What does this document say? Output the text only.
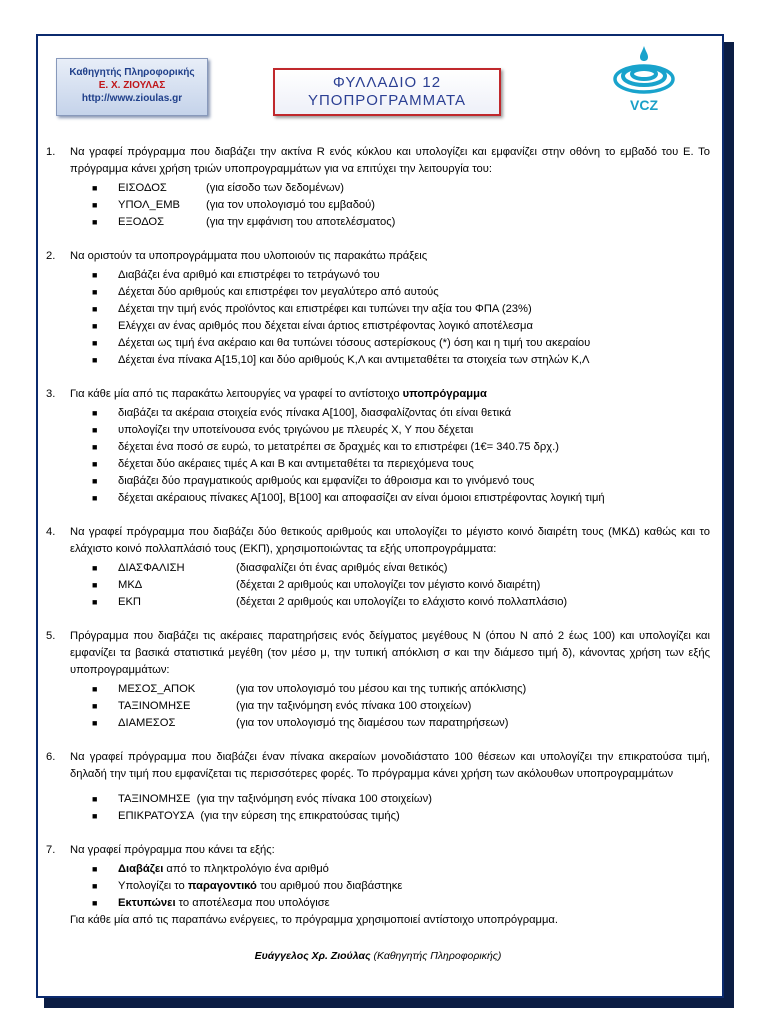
Καθηγητής Πληροφορικής
Ε. Χ. ΖΙΟΥΛΑΣ
http://www.zioulas.gr
ΦΥΛΛΑΔΙΟ 12
ΥΠΟΠΡΟΓΡΑΜΜΑΤΑ	VCZ
1. Να γραφεί πρόγραμμα που διαβάζει την ακτίνα R ενός κύκλου και υπολογίζει και εμφανίζει στην οθόνη το εμβαδό του Ε. Το πρόγραμμα κάνει χρήση τριών υποπρογραμμάτων για να επιτύχει την λειτουργία του:

■ ΕΙΣΟΔΟΣ	(για είσοδο των δεδομένων)
■ ΥΠΟΛ_ΕΜΒ (για τον υπολογισμό του εμβαδού)
■ ΕΞΟΔΟΣ	(για την εμφάνιση του αποτελέσματος)
2. Να οριστούν τα υποπρογράμματα που υλοποιούν τις παρακάτω πράξεις

■ Διαβάζει ένα αριθμό και επιστρέφει το τετράγωνό του
■ Δέχεται δύο αριθμούς και επιστρέφει τον μεγαλύτερο από αυτούς
■ Δέχεται την τιμή ενός προϊόντος και επιστρέφει και τυπώνει την αξία του ΦΠΑ (23%)
■ Ελέγχει αν ένας αριθμός που δέχεται είναι άρτιος επιστρέφοντας λογικό αποτέλεσμα
■ Δέχεται ως τιμή ένα ακέραιο και θα τυπώνει τόσους αστερίσκους (*) όση και η τιμή του ακεραίου
■ Δέχεται ένα πίνακα Α[15,10] και δύο αριθμούς Κ,Λ και αντιμεταθέτει τα στοιχεία των στηλών Κ,Λ
3. Για κάθε μία από τις παρακάτω λειτουργίες να γραφεί το αντίστοιχο υποπρόγραμμα

■ διαβάζει τα ακέραια στοιχεία ενός πίνακα Α[100], διασφαλίζοντας ότι είναι θετικά
■ υπολογίζει την υποτείνουσα ενός τριγώνου με πλευρές Χ, Υ που δέχεται
■ δέχεται ένα ποσό σε ευρώ, το μετατρέπει σε δραχμές και το επιστρέφει (1€= 340.75 δρχ.)
■ δέχεται δύο ακέραιες τιμές Α και Β και αντιμεταθέτει τα περιεχόμενα τους
■ διαβάζει δύο πραγματικούς αριθμούς και εμφανίζει το άθροισμα και το γινόμενό τους
■ δέχεται ακέραιους πίνακες Α[100], Β[100] και αποφασίζει αν είναι όμοιοι επιστρέφοντας λογική τιμή
4. Να γραφεί πρόγραμμα που διαβάζει δύο θετικούς αριθμούς και υπολογίζει το μέγιστο κοινό διαιρέτη τους (ΜΚΔ) καθώς και το ελάχιστο κοινό πολλαπλάσιό τους (ΕΚΠ), χρησιμοποιώντας τα εξής υποπρογράμματα:

■ ΔΙΑΣΦΑΛΙΣΗ	(διασφαλίζει ότι ένας αριθμός είναι θετικός)
■ ΜΚΔ	(δέχεται 2 αριθμούς και υπολογίζει τον μέγιστο κοινό διαιρέτη)
■ ΕΚΠ	(δέχεται 2 αριθμούς και υπολογίζει το ελάχιστο κοινό πολλαπλάσιο)
5. Πρόγραμμα που διαβάζει τις ακέραιες παρατηρήσεις ενός δείγματος μεγέθους Ν (όπου Ν από 2 έως 100) και υπολογίζει και εμφανίζει τα βασικά στατιστικά μεγέθη (τον μέσο μ, την τυπική απόκλιση σ και την διάμεσο τιμή δ), κάνοντας χρήση των εξής υποπρογραμμάτων:

■ ΜΕΣΟΣ_ΑΠΟΚ	(για τον υπολογισμό του μέσου και της τυπικής απόκλισης)
■ ΤΑΞΙΝΟΜΗΣΕ	(για την ταξινόμηση ενός πίνακα 100 στοιχείων)
■ ΔΙΑΜΕΣΟΣ	(για τον υπολογισμό της διαμέσου των παρατηρήσεων)
6. Να γραφεί πρόγραμμα που διαβάζει έναν πίνακα ακεραίων μονοδιάστατο 100 θέσεων και υπολογίζει την επικρατούσα τιμή, δηλαδή την τιμή που εμφανίζεται τις περισσότερες φορές. Το πρόγραμμα κάνει χρήση των ακόλουθων υποπρογραμμάτων

■ ΤΑΞΙΝΟΜΗΣΕ (για την ταξινόμηση ενός πίνακα 100 στοιχείων)
■ ΕΠΙΚΡΑΤΟΥΣΑ (για την εύρεση της επικρατούσας τιμής)
7. Να γραφεί πρόγραμμα που κάνει τα εξής:

■ Διαβάζει από το πληκτρολόγιο ένα αριθμό
■ Υπολογίζει το παραγοντικό του αριθμού που διαβάστηκε
■ Εκτυπώνει το αποτέλεσμα που υπολόγισε

Για κάθε μία από τις παραπάνω ενέργειες, το πρόγραμμα χρησιμοποιεί αντίστοιχο υποπρόγραμμα.

Ευάγγελος Χρ. Ζιούλας (Καθηγητής Πληροφορικής)
